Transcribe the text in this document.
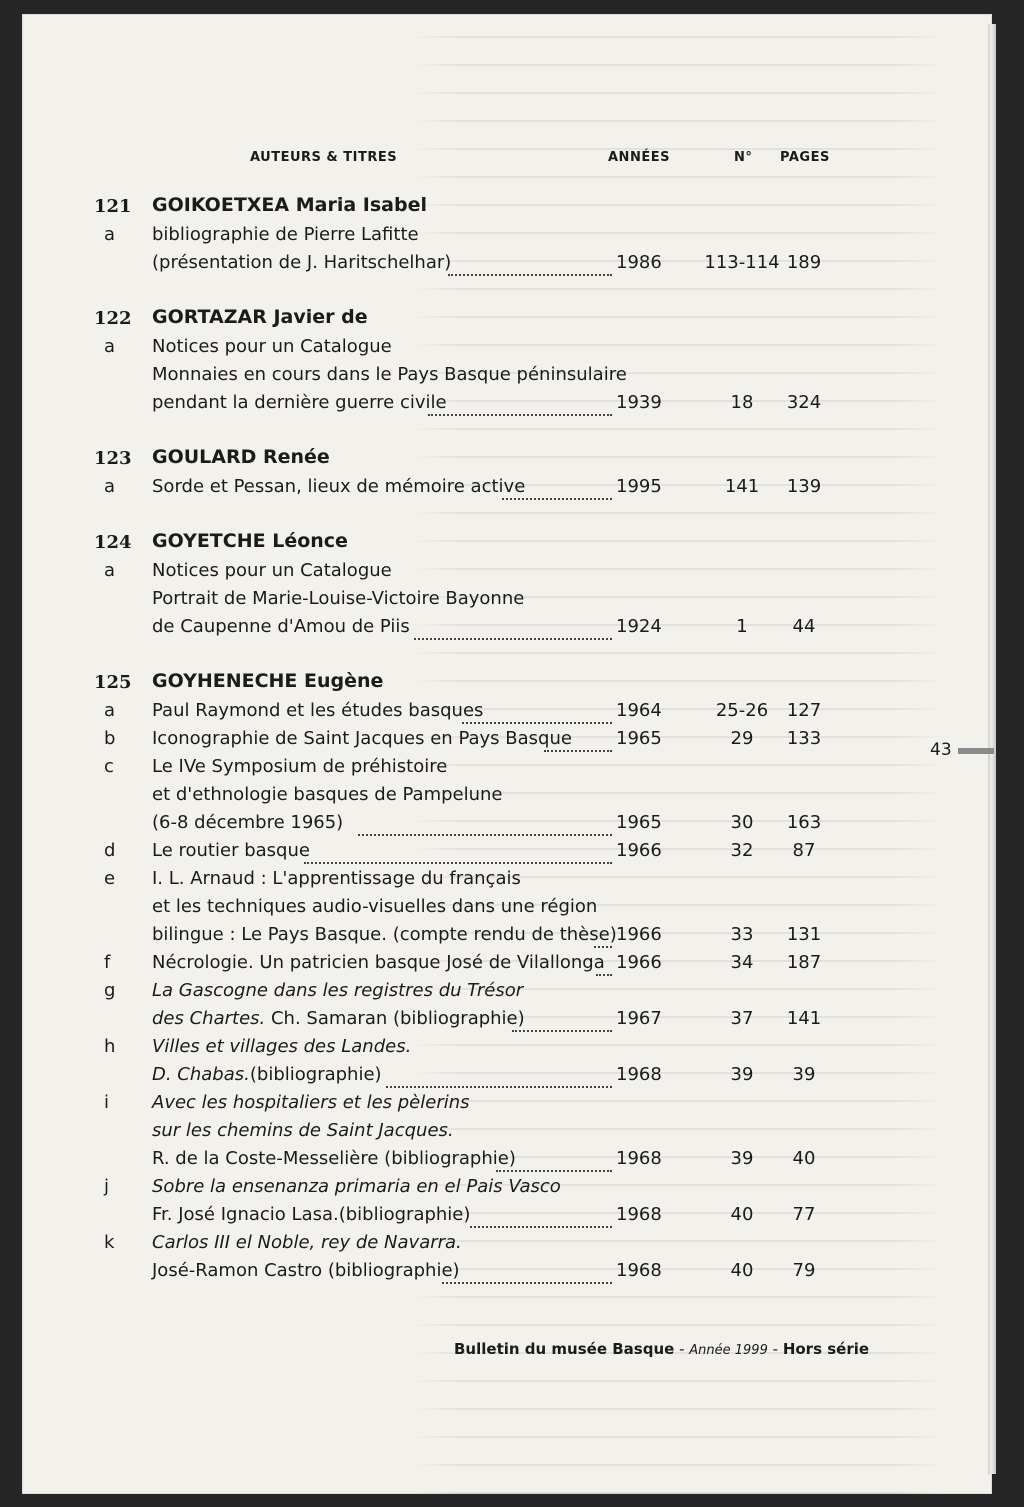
AUTEURS & TITRES	ANNÉES	N° PAGES
121 GOIKOETXEA Maria Isabel
a bibliographie de Pierre Lafitte
(présentation de J. Haritschelhar)	1986 113-114 189
122 GORTAZAR Javier de
a Notices pour un Catalogue
Monnaies en cours dans le Pays Basque péninsulaire
pendant la dernière guerre civile	1939	18	324
123 GOULARD Renée
a Sorde et Pessan, lieux de mémoire active	1995	141	139
124 GOYETCHE Léonce
a Notices pour un Catalogue
Portrait de Marie-Louise-Victoire Bayonne
de Caupenne d'Amou de Piis	1924	1	44
125 GOYHENECHE Eugène
a Paul Raymond et les études basques	1964	25-26	127
b Iconographie de Saint Jacques en Pays Basque 1965	29	133
c Le IVe Symposium de préhistoire
et d'ethnologie basques de Pampelune
(6-8 décembre 1965)	1965	30	163
d Le routier basque	1966	32	87
e I. L. Arnaud : L'apprentissage du français
et les techniques audio-visuelles dans une région
bilingue : Le Pays Basque. (compte rendu de thèse) 1966	33	131
f Nécrologie. Un patricien basque José de Vilallonga 1966	34	187
g La Gascogne dans les registres du Trésor
des Chartes. Ch. Samaran (bibliographie)	1967	37	141
h Villes et villages des Landes.
D. Chabas.(bibliographie)	1968	39	39
i Avec les hospitaliers et les pèlerins
sur les chemins de Saint Jacques.
R. de la Coste-Messelière (bibliographie)	1968	39	40
j Sobre la ensenanza primaria en el Pais Vasco
Fr. José Ignacio Lasa.(bibliographie)	1968	40	77
k Carlos III el Noble, rey de Navarra.
José-Ramon Castro (bibliographie)	1968	40	79
43
Bulletin du musée Basque - Année 1999 - Hors série
